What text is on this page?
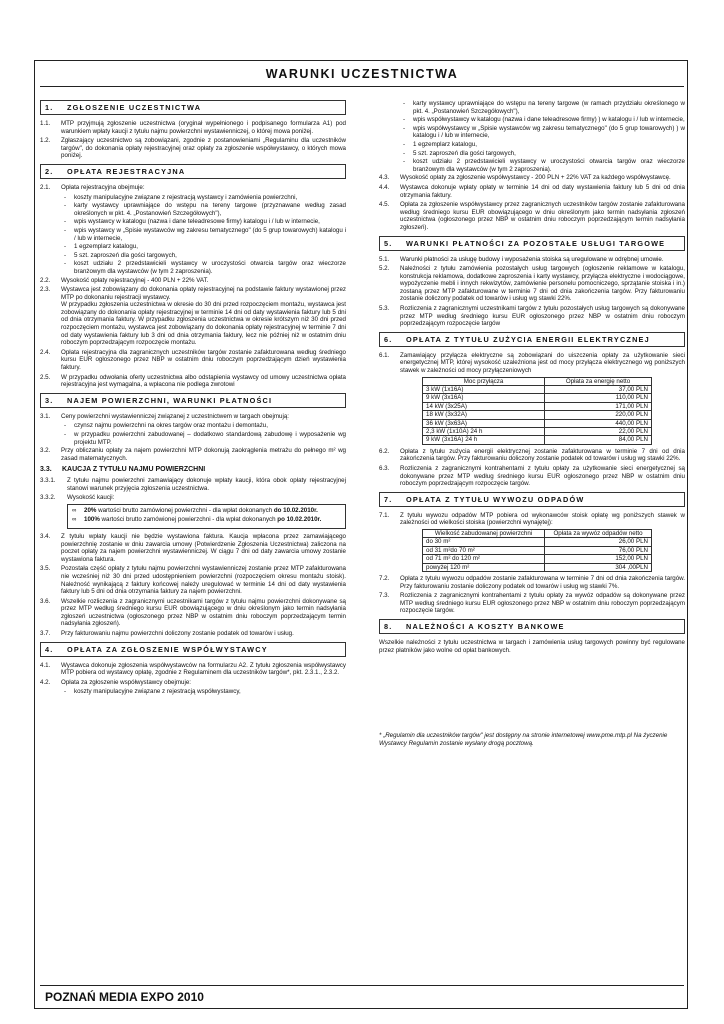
WARUNKI UCZESTNICTWA
1. ZGŁOSZENIE UCZESTNICTWA
1.1.	MTP przyjmują zgłoszenie uczestnictwa (oryginał wypełnionego i podpisanego formularza A1) pod warunkiem wpłaty kaucji z tytułu najmu powierzchni wystawienniczej, o której mowa poniżej.
1.2.	Zgłaszający uczestnictwo są zobowiązani, zgodnie z postanowieniami „Regulaminu dla uczestników targów", do dokonania opłaty rejestracyjnej oraz opłaty za zgłoszenie współwystawcy, o których mowa poniżej.
2. OPŁATA REJESTRACYJNA
2.1.	Opłata rejestracyjna obejmuje:
-	koszty manipulacyjne związane z rejestracją wystawcy i zamówienia powierzchni,
-	karty wystawcy uprawniające do wstępu na tereny targowe (przyznawane według zasad określonych w pkt. 4. „Postanowień Szczegółowych"),
-	wpis wystawcy w katalogu (nazwa i dane teleadresowe firmy) katalogu i / lub w internecie,
-	wpis wystawcy w „Spisie wystawców wg zakresu tematycznego" (do 5 grup towarowych) katalogu i / lub w internecie,
-	1 egzemplarz katalogu,
-	5 szt. zaproszeń dla gości targowych,
-	koszt udziału 2 przedstawicieli wystawcy w uroczystości otwarcia targów oraz wieczorze branżowym dla wystawców (w tym 2 zaproszenia).
2.2.	Wysokość opłaty rejestracyjnej - 400 PLN + 22% VAT.
2.3.	Wystawca jest zobowiązany do dokonania opłaty rejestracyjnej na podstawie faktury wystawionej przez MTP po dokonaniu rejestracji wystawcy.
W przypadku zgłoszenia uczestnictwa w okresie do 30 dni przed rozpoczęciem montażu, wystawca jest zobowiązany do dokonania opłaty rejestracyjnej w terminie 14 dni od daty wystawienia faktury lub 5 dni od dnia otrzymania faktury. W przypadku zgłoszenia uczestnictwa w okresie krótszym niż 30 dni przed rozpoczęciem montażu, wystawca jest zobowiązany do dokonania opłaty rejestracyjnej w terminie 7 dni od daty wystawienia faktury lub 3 dni od dnia otrzymania faktury, lecz nie później niż w ostatnim dniu roboczym poprzedzającym rozpoczęcie montażu.
2.4.	Opłata rejestracyjna dla zagranicznych uczestników targów zostanie zafakturowana według średniego kursu EUR ogłoszonego przez NBP w ostatnim dniu roboczym poprzedzającym dzień wystawienia faktury.
2.5.	W przypadku odwołania oferty uczestnictwa albo odstąpienia wystawcy od umowy uczestnictwa opłata rejestracyjna jest wymagalna, a wpłacona nie podlega zwrotowi
3. NAJEM POWIERZCHNI, WARUNKI PŁATNOŚCI
3.1.	Ceny powierzchni wystawienniczej związanej z uczestnictwem w targach obejmują:
-	czynsz najmu powierzchni na okres targów oraz montażu i demontażu,
-	w przypadku powierzchni zabudowanej – dodatkowo standardową zabudowę i wyposażenie wg projektu MTP.
3.2.	Przy obliczaniu opłaty za najem powierzchni MTP dokonują zaokrąglenia metrażu do pełnego m² wg zasad matematycznych.
3.3. KAUCJA Z TYTUŁU NAJMU POWIERZCHNI
3.3.1.	Z tytułu najmu powierzchni zamawiający dokonuje wpłaty kaucji, która obok opłaty rejestracyjnej stanowi warunek przyjęcia zgłoszenia uczestnictwa.
3.3.2.	Wysokość kaucji:
∞	20% wartości brutto zamówionej powierzchni - dla wpłat dokonanych do 10.02.2010r.
∞	100% wartości brutto zamówionej powierzchni - dla wpłat dokonanych po 10.02.2010r.
3.4.	Z tytułu wpłaty kaucji nie będzie wystawiona faktura. Kaucja wpłacona przez zamawiającego powierzchnię zostanie w dniu zawarcia umowy (Potwierdzenie Zgłoszenia Uczestnictwa) zaliczona na poczet opłaty za najem powierzchni wystawienniczej. W ciągu 7 dni od daty zawarcia umowy zostanie wystawiona faktura.
3.5.	Pozostała część opłaty z tytułu najmu powierzchni wystawienniczej zostanie przez MTP zafakturowana nie wcześniej niż 30 dni przed udostępnieniem powierzchni (rozpoczęciem okresu montażu stoisk). Należność wynikającą z faktury końcowej należy uregulować w terminie 14 dni od daty wystawienia faktury lub 5 dni od dnia otrzymania faktury za najem powierzchni.
3.6.	Wszelkie rozliczenia z zagranicznymi uczestnikami targów z tytułu najmu powierzchni dokonywane są przez MTP według średniego kursu EUR obowiązującego w dniu określonym jako termin nadsyłania zgłoszeń uczestnictwa (ogłoszonego przez NBP w ostatnim dniu roboczym poprzedzającym termin nadsyłania zgłoszeń).
3.7.	Przy fakturowaniu najmu powierzchni doliczony zostanie podatek od towarów i usług.
4. OPŁATA ZA ZGŁOSZENIE WSPÓŁWYSTAWCY
4.1.	Wystawca dokonuje zgłoszenia współwystawców na formularzu A2. Z tytułu zgłoszenia współwystawcy MTP pobiera od wystawcy opłatę, zgodnie z Regulaminem dla uczestników targów*, pkt. 2.3.1., 2.3.2.
4.2.	Opłata za zgłoszenie współwystawcy obejmuje:
-	koszty manipulacyjne związane z rejestracją współwystawcy,
-	karty wystawcy uprawniające do wstępu na tereny targowe (w ramach przydziału określonego w pkt. 4. „Postanowień Szczegółowych"),
-	wpis współwystawcy w katalogu (nazwa i dane teleadresowe firmy) ) w katalogu i / lub w internecie,
-	wpis współwystawcy w „Spisie wystawców wg zakresu tematycznego" (do 5 grup towarowych) ) w katalogu i / lub w internecie,
-	1 egzemplarz katalogu,
-	5 szt. zaproszeń dla gości targowych,
-	koszt udziału 2 przedstawicieli wystawcy w uroczystości otwarcia targów oraz wieczorze branżowym dla wystawców (w tym 2 zaproszenia).
4.3.	Wysokość opłaty za zgłoszenie współwystawcy - 200 PLN + 22% VAT za każdego współwystawcę.
4.4.	Wystawca dokonuje wpłaty opłaty w terminie 14 dni od daty wystawienia faktury lub 5 dni od dnia otrzymania faktury.
4.5.	Opłata za zgłoszenie współwystawcy przez zagranicznych uczestników targów zostanie zafakturowana według średniego kursu EUR obowiązującego w dniu określonym jako termin nadsyłania zgłoszeń uczestnictwa (ogłoszonego przez NBP w ostatnim dniu roboczym poprzedzającym termin nadsyłania zgłoszeń).
5. WARUNKI PŁATNOŚCI ZA POZOSTAŁE USŁUGI TARGOWE
5.1.	Warunki płatności za usługę budowy i wyposażenia stoiska są uregulowane w odrębnej umowie.
5.2.	Należności z tytułu zamówienia pozostałych usług targowych (ogłoszenie reklamowe w katalogu, konstrukcja reklamowa, dodatkowe zaproszenia i karty wystawcy, przyłącza elektryczne i wodociągowe, wypożyczenie mebli i innych rekwizytów, zamówienie personelu pomocniczego, sprzątanie stoiska i in.) zostaną przez MTP zafakturowane w terminie 7 dni od dnia zakończenia targów. Przy fakturowaniu zostanie doliczony podatek od towarów i usług wg stawki 22%.
5.3.	Rozliczenia z zagranicznymi uczestnikami targów z tytułu pozostałych usług targowych są dokonywane przez MTP według średniego kursu EUR ogłoszonego przez NBP w ostatnim dniu roboczym poprzedzającym rozpoczęcie targów
6. OPŁATA Z TYTUŁU ZUŻYCIA ENERGII ELEKTRYCZNEJ
6.1.	Zamawiający przyłącza elektryczne są zobowiązani do uiszczenia opłaty za użytkowanie sieci energetycznej MTP, której wysokość uzależniona jest od mocy przyłącza elektrycznego wg poniższych stawek w zależności od mocy przyłączeniowych
Moc przyłącza	Opłata za energię netto
3 kW (1x16A)	37,00 PLN
9 kW (3x16A)	110,00 PLN
14 kW (3x25A)	171,00 PLN
18 kW (3x32A)	220,00 PLN
36 kW (3x63A)	440,00 PLN
2,3 kW (1x10A) 24 h	22,00 PLN
9 kW (3x16A) 24 h	84,00 PLN
6.2.	Opłata z tytułu zużycia energii elektrycznej zostanie zafakturowana w terminie 7 dni od dnia zakończenia targów. Przy fakturowaniu doliczony zostanie podatek od towarów i usług wg stawki 22%.
6.3.	Rozliczenia z zagranicznymi kontrahentami z tytułu opłaty za użytkowanie sieci energetycznej są dokonywane przez MTP według średniego kursu EUR ogłoszonego przez NBP w ostatnim dniu roboczym poprzedzającym rozpoczęcie targów.
7. OPŁATA Z TYTUŁU WYWOZU ODPADÓW
7.1.	Z tytułu wywozu odpadów MTP pobiera od wykonawców stoisk opłatę wg poniższych stawek w zależności od wielkości stoiska (powierzchni wynajętej):
Wielkość zabudowanej powierzchni	Opłata za wywóz odpadów netto
do 30 m²	26,00 PLN
od 31 m²do 70 m²	76,00 PLN
od 71 m² do 120 m²	152,00 PLN
powyżej 120 m²	304 ,00PLN
7.2.	Opłata z tytułu wywozu odpadów zostanie zafakturowana w terminie 7 dni od dnia zakończenia targów. Przy fakturowaniu zostanie doliczony podatek od towarów i usług wg stawki 7%.
7.3.	Rozliczenia z zagranicznymi kontrahentami z tytułu opłaty za wywóz odpadów są dokonywane przez MTP według średniego kursu EUR ogłoszonego przez NBP w ostatnim dniu roboczym poprzedzającym rozpoczęcie targów.
8. NALEŻNOŚCI A KOSZTY BANKOWE
Wszelkie należności z tytułu uczestnictwa w targach i zamówienia usług targowych powinny być regulowane przez płatników jako wolne od opłat bankowych.
* „Regulamin dla uczestników targów" jest dostępny na stronie internetowej www.pme.mtp.pl Na życzenie Wystawcy Regulamin zostanie wysłany drogą pocztową.
POZNAŃ MEDIA EXPO 2010
